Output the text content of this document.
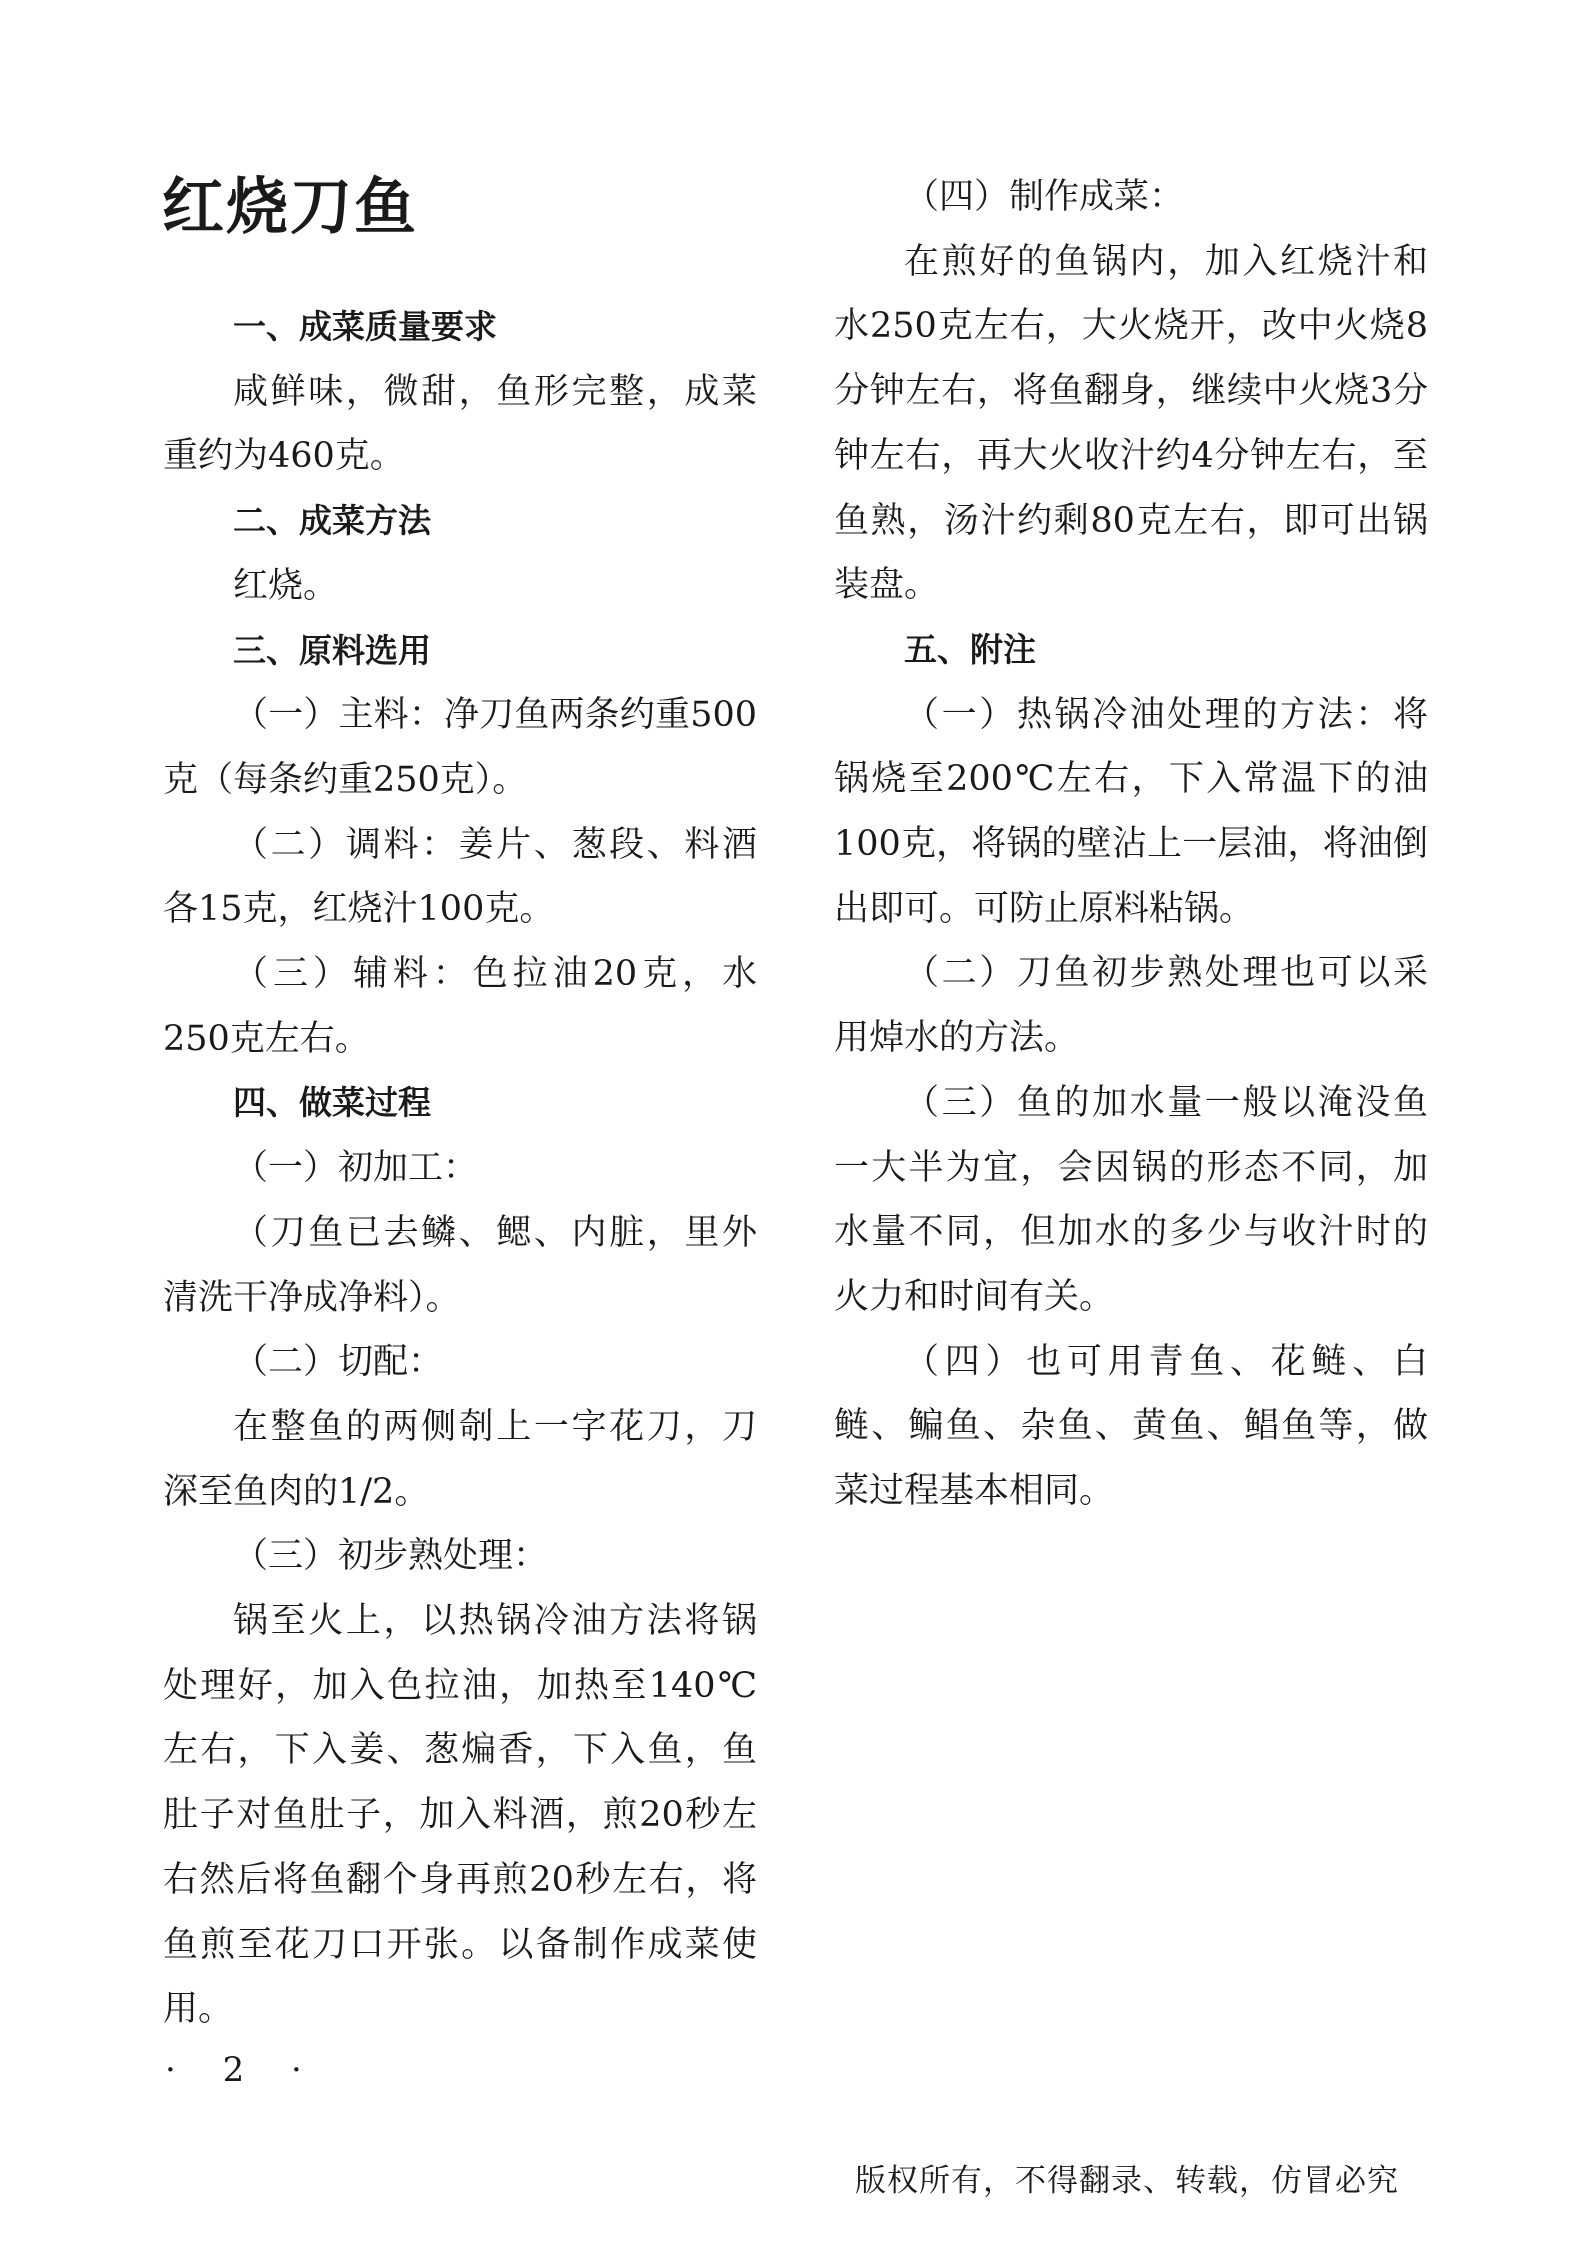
红烧刀鱼

一、成菜质量要求

咸鲜味，微甜，鱼形完整，成菜重约为460克。

二、成菜方法

红烧。

三、原料选用

（一）主料：净刀鱼两条约重500克（每条约重250克）。

（二）调料：姜片、葱段、料酒各15克，红烧汁100克。

（三）辅料：色拉油20克，水250克左右。

四、做菜过程

（一）初加工：

（刀鱼已去鳞、鳃、内脏，里外清洗干净成净料）。

（二）切配：

在整鱼的两侧剞上一字花刀，刀深至鱼肉的1/2。

（三）初步熟处理：

锅至火上，以热锅冷油方法将锅处理好，加入色拉油，加热至140℃左右，下入姜、葱煸香，下入鱼，鱼肚子对鱼肚子，加入料酒，煎20秒左右然后将鱼翻个身再煎20秒左右，将鱼煎至花刀口开张。以备制作成菜使用。

（四）制作成菜：

在煎好的鱼锅内，加入红烧汁和水250克左右，大火烧开，改中火烧8分钟左右，将鱼翻身，继续中火烧3分钟左右，再大火收汁约4分钟左右，至鱼熟，汤汁约剩80克左右，即可出锅装盘。

五、附注

（一）热锅冷油处理的方法：将锅烧至200℃左右，下入常温下的油100克，将锅的壁沾上一层油，将油倒出即可。可防止原料粘锅。

（二）刀鱼初步熟处理也可以采用焯水的方法。

（三）鱼的加水量一般以淹没鱼一大半为宜，会因锅的形态不同，加水量不同，但加水的多少与收汁时的火力和时间有关。

（四）也可用青鱼、花鲢、白鲢、鳊鱼、杂鱼、黄鱼、鲳鱼等，做菜过程基本相同。

· 2 ·
版权所有，不得翻录、转载，仿冒必究
